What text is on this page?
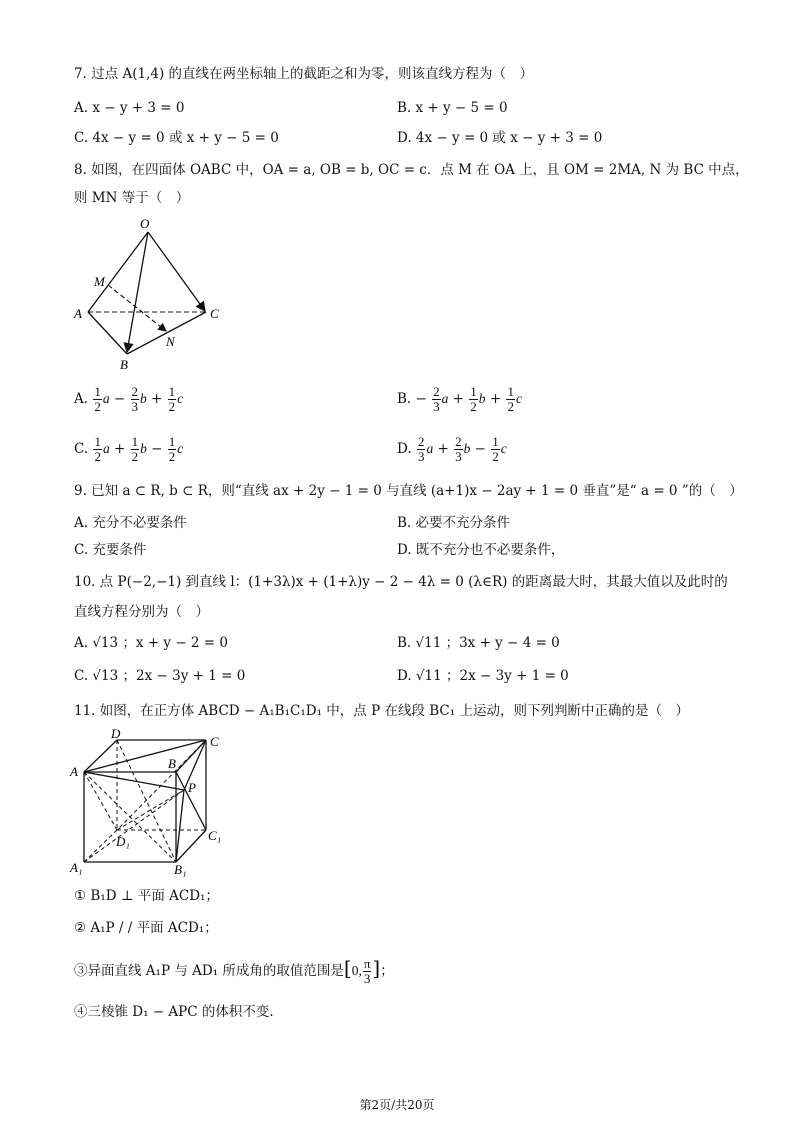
7. 过点 A(1,4) 的直线在两坐标轴上的截距之和为零，则该直线方程为（　）
A. x − y + 3 = 0	B. x + y − 5 = 0
C. 4x − y = 0 或 x + y − 5 = 0	D. 4x − y = 0 或 x − y + 3 = 0
8. 如图，在四面体 OABC 中，OA = a, OB = b, OC = c．点 M 在 OA 上，且 OM = 2MA, N 为 BC 中点，
则 MN 等于（　）
O
M
A
B
C
N
A. $\frac{1}{2}$ $a - \frac{2}{3}$ $b + \frac{1}{2}$ c	B. − $\frac{2}{3}$ $a + \frac{1}{2}$ $b + \frac{1}{2}$ c
C. $\frac{1}{2}$ $a + \frac{1}{2}$ $b - \frac{1}{2}$ c	D. $\frac{2}{3}$ $a + \frac{2}{3}$ $b - \frac{1}{2}$ c
9. 已知 a ⊂ R, b ⊂ R，则“直线 ax + 2y − 1 = 0 与直线 (a+1)x − 2ay + 1 = 0 垂直”是“ a = 0 ”的（　）
A. 充分不必要条件	B. 必要不充分条件
C. 充要条件	D. 既不充分也不必要条件，
10. 点 P(−2,−1) 到直线 l：(1+3λ)x + (1+λ)y − 2 − 4λ = 0 (λ∈R) 的距离最大时，其最大值以及此时的
直线方程分别为（　）
A. √13 ；x + y − 2 = 0	B. √11 ；3x + y − 4 = 0
C. √13 ；2x − 3y + 1 = 0	D. √11 ；2x − 3y + 1 = 0
11. 如图，在正方体 ABCD − A₁B₁C₁D₁ 中，点 P 在线段 BC₁ 上运动，则下列判断中正确的是（　）
D
C
A
B
P
C₁
D₁
A₁	B₁
① B₁D ⊥ 平面 ACD₁；
② A₁P / / 平面 ACD₁；
③异面直线 A₁P 与 AD₁ 所成角的取值范围是[0, $\frac{\pi}{3}$ ]；
④三棱锥 D₁ − APC 的体积不变.
第2页/共20页
